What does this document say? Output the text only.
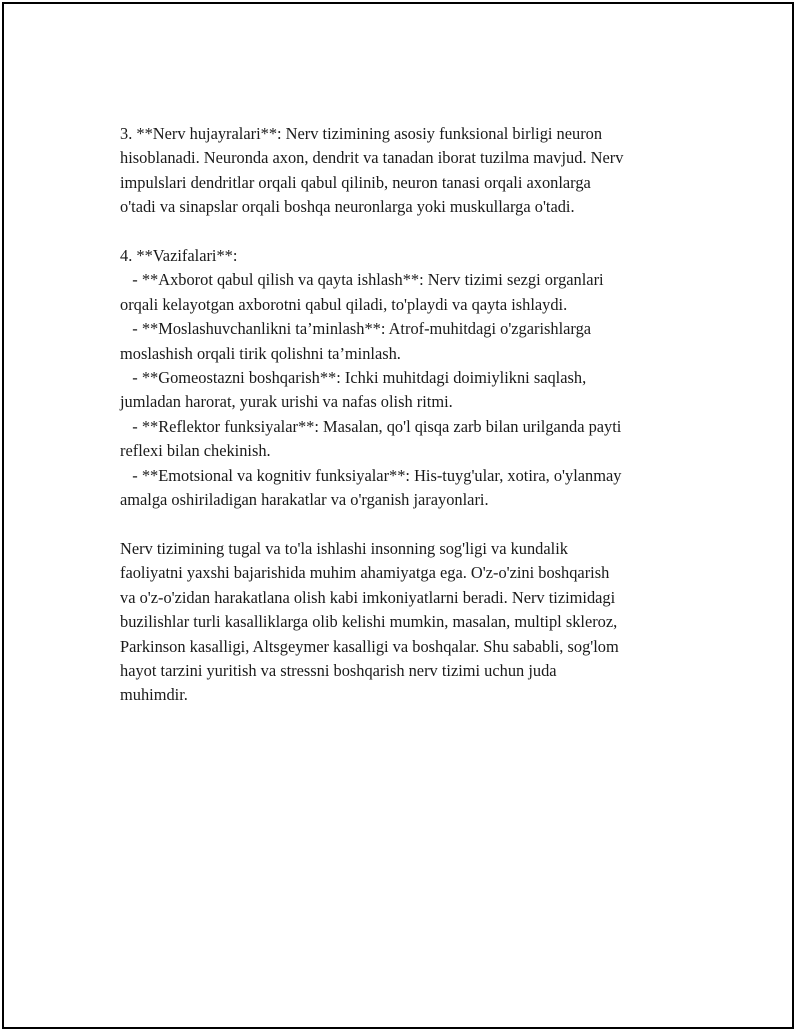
3. **Nerv hujayralari**: Nerv tizimining asosiy funksional birligi neuron
hisoblanadi. Neuronda axon, dendrit va tanadan iborat tuzilma mavjud. Nerv
impulslari dendritlar orqali qabul qilinib, neuron tanasi orqali axonlarga
o'tadi va sinapslar orqali boshqa neuronlarga yoki muskullarga o'tadi.
4. **Vazifalari**:
- **Axborot qabul qilish va qayta ishlash**: Nerv tizimi sezgi organlari
orqali kelayotgan axborotni qabul qiladi, to'playdi va qayta ishlaydi.
- **Moslashuvchanlikni ta’minlash**: Atrof-muhitdagi o'zgarishlarga
moslashish orqali tirik qolishni ta’minlash.
- **Gomeostazni boshqarish**: Ichki muhitdagi doimiylikni saqlash,
jumladan harorat, yurak urishi va nafas olish ritmi.
- **Reflektor funksiyalar**: Masalan, qo'l qisqa zarb bilan urilganda payti
reflexi bilan chekinish.
- **Emotsional va kognitiv funksiyalar**: His-tuyg'ular, xotira, o'ylanmay
amalga oshiriladigan harakatlar va o'rganish jarayonlari.
Nerv tizimining tugal va to'la ishlashi insonning sog'ligi va kundalik
faoliyatni yaxshi bajarishida muhim ahamiyatga ega. O'z-o'zini boshqarish
va o'z-o'zidan harakatlana olish kabi imkoniyatlarni beradi. Nerv tizimidagi
buzilishlar turli kasalliklarga olib kelishi mumkin, masalan, multipl skleroz,
Parkinson kasalligi, Altsgeymer kasalligi va boshqalar. Shu sababli, sog'lom
hayot tarzini yuritish va stressni boshqarish nerv tizimi uchun juda
muhimdir.
